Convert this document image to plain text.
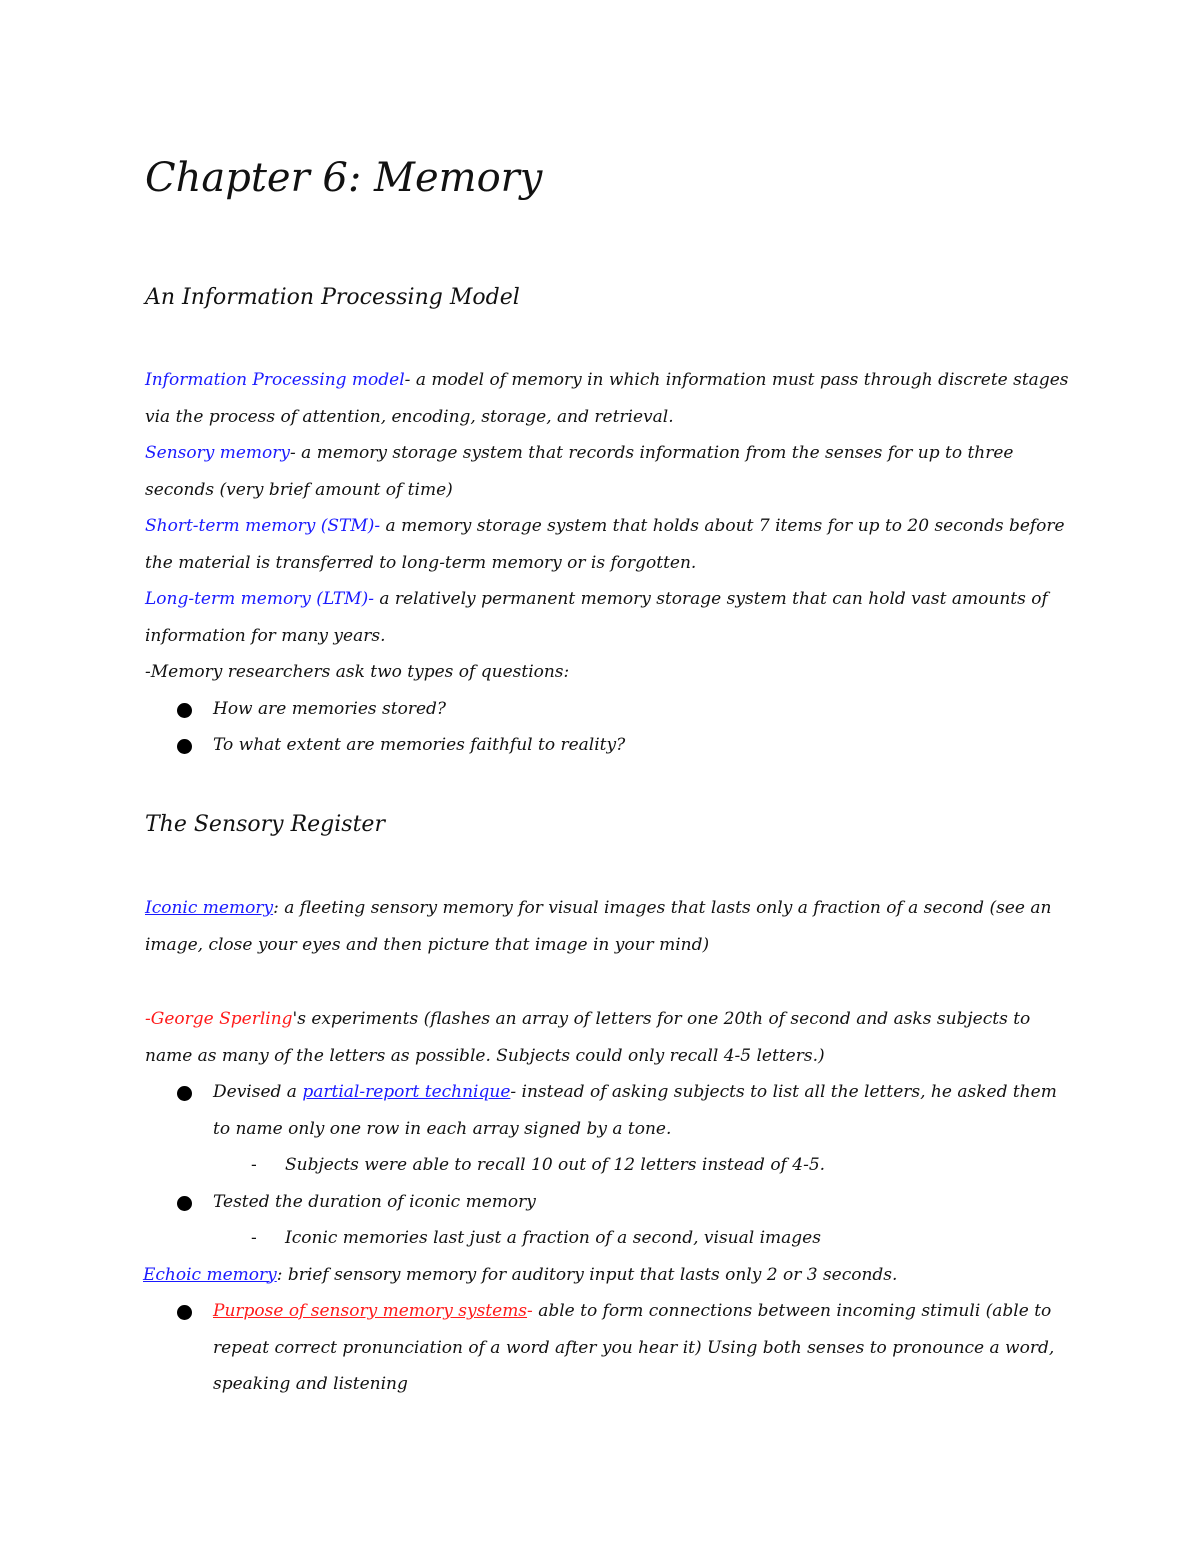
Chapter 6: Memory
An Information Processing Model
Information Processing model- a model of memory in which information must pass through discrete stages via the process of attention, encoding, storage, and retrieval.
Sensory memory- a memory storage system that records information from the senses for up to three seconds (very brief amount of time)
Short-term memory (STM)- a memory storage system that holds about 7 items for up to 20 seconds before the material is transferred to long-term memory or is forgotten.
Long-term memory (LTM)- a relatively permanent memory storage system that can hold vast amounts of information for many years.
-Memory researchers ask two types of questions:
How are memories stored?
To what extent are memories faithful to reality?
The Sensory Register
Iconic memory: a fleeting sensory memory for visual images that lasts only a fraction of a second (see an image, close your eyes and then picture that image in your mind)
-George Sperling's experiments (flashes an array of letters for one 20th of second and asks subjects to name as many of the letters as possible. Subjects could only recall 4-5 letters.)
Devised a partial-report technique- instead of asking subjects to list all the letters, he asked them to name only one row in each array signed by a tone.
- Subjects were able to recall 10 out of 12 letters instead of 4-5.
Tested the duration of iconic memory
- Iconic memories last just a fraction of a second, visual images
Echoic memory: brief sensory memory for auditory input that lasts only 2 or 3 seconds.
Purpose of sensory memory systems- able to form connections between incoming stimuli (able to repeat correct pronunciation of a word after you hear it) Using both senses to pronounce a word, speaking and listening
